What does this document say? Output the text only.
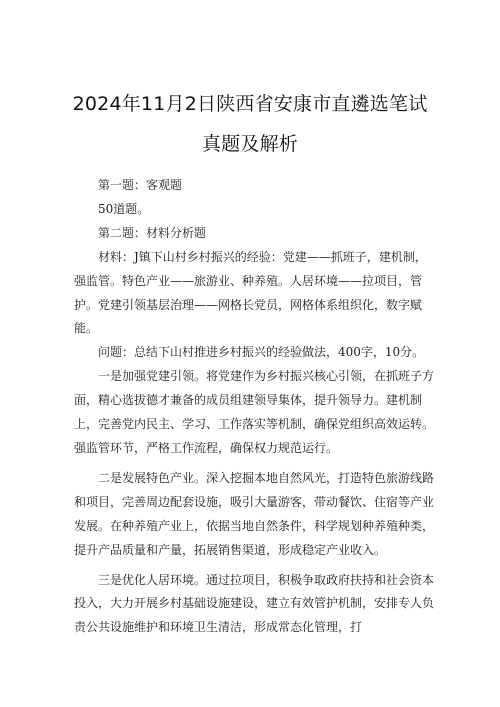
2024年11月2日陕西省安康市直遴选笔试
真题及解析

第一题：客观题

50道题。

第二题：材料分析题

材料：J镇下山村乡村振兴的经验：党建——抓班子，建机制，强监管。特色产业——旅游业、种养殖。人居环境——拉项目，管护。党建引领基层治理——网格长党员，网格体系组织化，数字赋能。

问题：总结下山村推进乡村振兴的经验做法，400字，10分。

一是加强党建引领。将党建作为乡村振兴核心引领，在抓班子方面，精心选拔德才兼备的成员组建领导集体，提升领导力。建机制上，完善党内民主、学习、工作落实等机制，确保党组织高效运转。强监管环节，严格工作流程，确保权力规范运行。

二是发展特色产业。深入挖掘本地自然风光，打造特色旅游线路和项目，完善周边配套设施，吸引大量游客，带动餐饮、住宿等产业发展。在种养殖产业上，依据当地自然条件，科学规划种养殖种类，提升产品质量和产量，拓展销售渠道，形成稳定产业收入。

三是优化人居环境。通过拉项目，积极争取政府扶持和社会资本投入，大力开展乡村基础设施建设，建立有效管护机制，安排专人负责公共设施维护和环境卫生清洁，形成常态化管理，打
